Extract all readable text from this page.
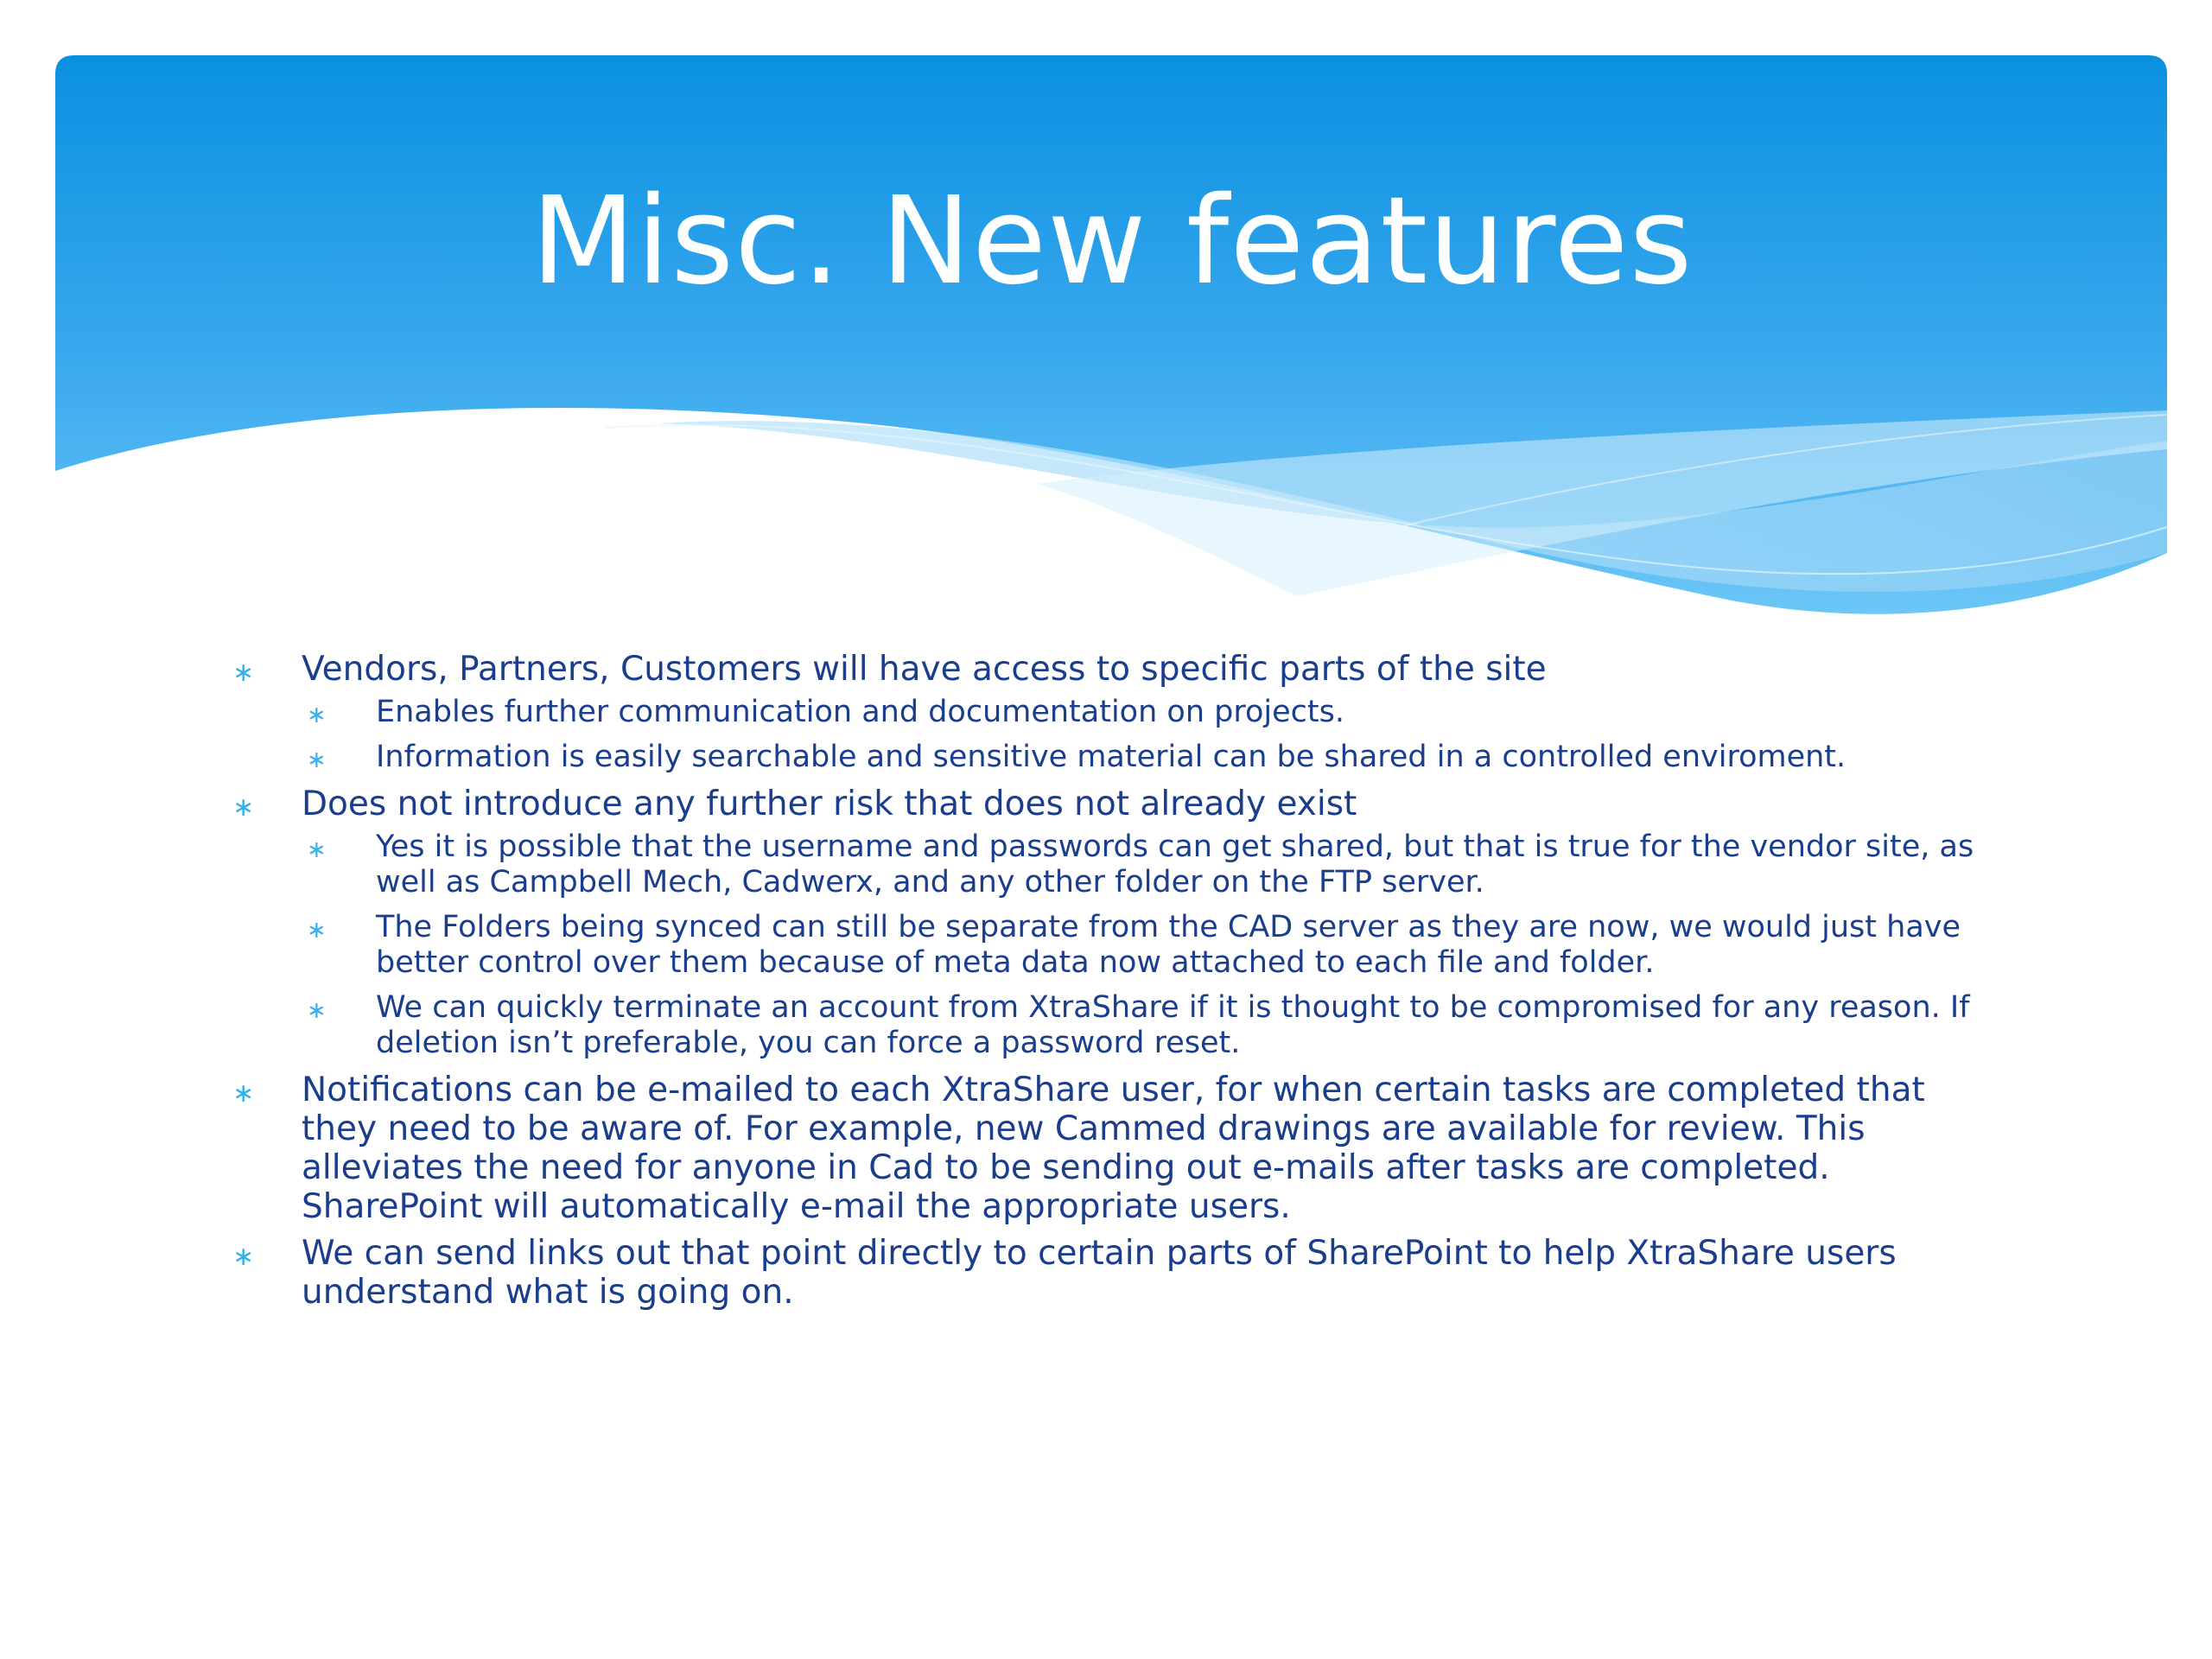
Misc. New features

∗ Vendors, Partners, Customers will have access to specific parts of the site

∗ Enables further communication and documentation on projects.

∗ Information is easily searchable and sensitive material can be shared in a controlled enviroment.

∗ Does not introduce any further risk that does not already exist

∗ Yes it is possible that the username and passwords can get shared, but that is true for the vendor site, as well as Campbell Mech, Cadwerx, and any other folder on the FTP server.

∗ The Folders being synced can still be separate from the CAD server as they are now, we would just have better control over them because of meta data now attached to each file and folder.

∗ We can quickly terminate an account from XtraShare if it is thought to be compromised for any reason. If deletion isn’t preferable, you can force a password reset.

∗ Notifications can be e-mailed to each XtraShare user, for when certain tasks are completed that they need to be aware of. For example, new Cammed drawings are available for review. This alleviates the need for anyone in Cad to be sending out e-mails after tasks are completed. SharePoint will automatically e-mail the appropriate users.

∗ We can send links out that point directly to certain parts of SharePoint to help XtraShare users understand what is going on.
